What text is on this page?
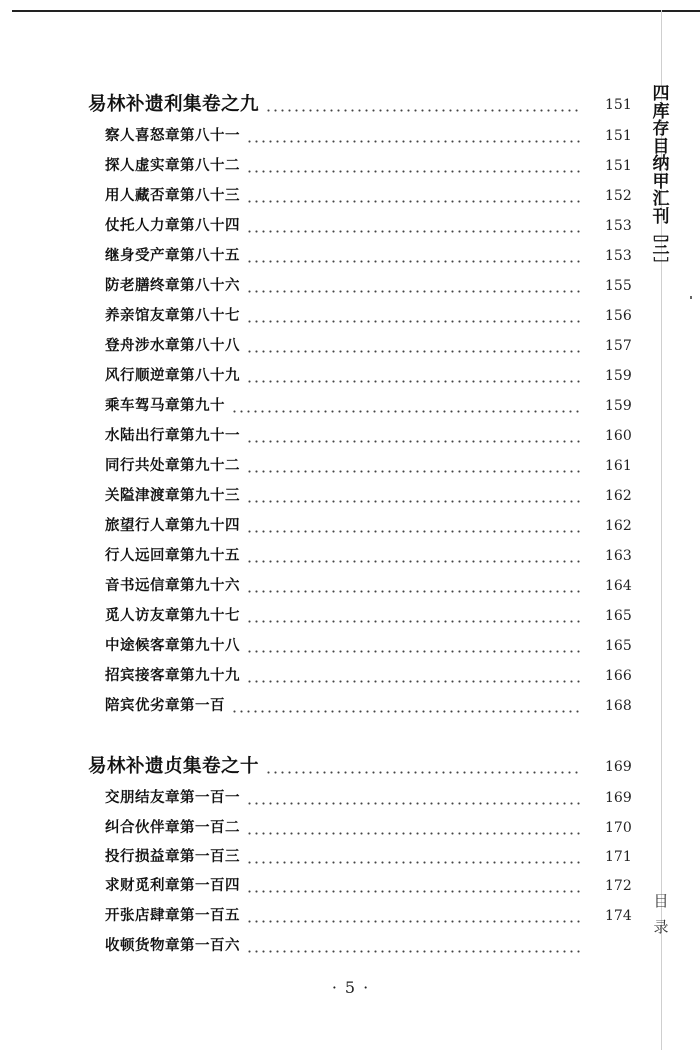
易林补遗利集卷之九	151
察人喜怒章第八十一	151
探人虚实章第八十二	151
用人藏否章第八十三	152
仗托人力章第八十四	153
继身受产章第八十五	153
防老膳终章第八十六	155
养亲馆友章第八十七	156
登舟涉水章第八十八	157
风行顺逆章第八十九	159
乘车驾马章第九十	159
水陆出行章第九十一	160
同行共处章第九十二	161
关隘津渡章第九十三	162
旅望行人章第九十四	162
行人远回章第九十五	163
音书远信章第九十六	164
觅人访友章第九十七	165
中途候客章第九十八	165
招宾接客章第九十九	166
陪宾优劣章第一百	168
易林补遗贞集卷之十	169
交朋结友章第一百一	169
纠合伙伴章第一百二	170
投行损益章第一百三	171
求财觅利章第一百四	172
开张店肆章第一百五	174
收顿货物章第一百六
四
库
存
目
纳
甲
汇
刊
﹇
三
﹈
目
录
· 5 ·
